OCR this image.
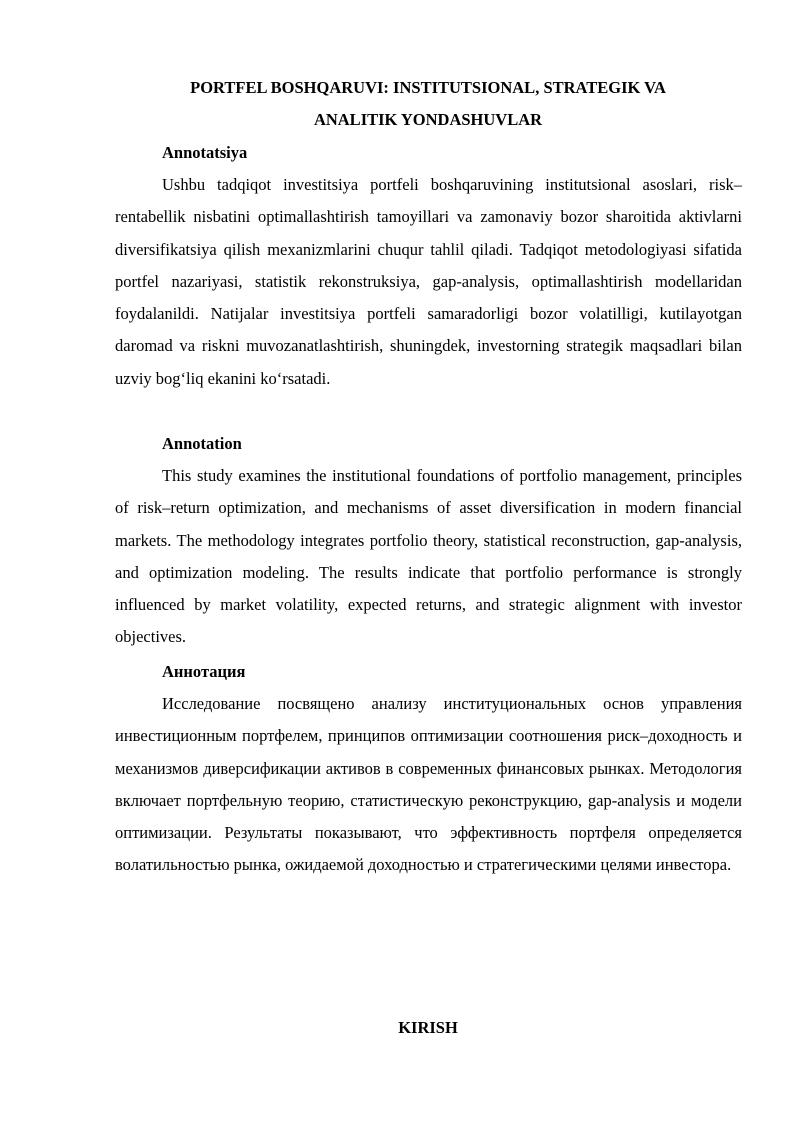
PORTFEL BOSHQARUVI: INSTITUTSIONAL, STRATEGIK VA
ANALITIK YONDASHUVLAR

Annotatsiya

Ushbu tadqiqot investitsiya portfeli boshqaruvining institutsional asoslari, risk–rentabellik nisbatini optimallashtirish tamoyillari va zamonaviy bozor sharoitida aktivlarni diversifikatsiya qilish mexanizmlarini chuqur tahlil qiladi. Tadqiqot metodologiyasi sifatida portfel nazariyasi, statistik rekonstruksiya, gap-analysis, optimallashtirish modellaridan foydalanildi. Natijalar investitsiya portfeli samaradorligi bozor volatilligi, kutilayotgan daromad va riskni muvozanatlashtirish, shuningdek, investorning strategik maqsadlari bilan uzviy bog‘liq ekanini ko‘rsatadi.

Annotation

This study examines the institutional foundations of portfolio management, principles of risk–return optimization, and mechanisms of asset diversification in modern financial markets. The methodology integrates portfolio theory, statistical reconstruction, gap-analysis, and optimization modeling. The results indicate that portfolio performance is strongly influenced by market volatility, expected returns, and strategic alignment with investor objectives.

Аннотация

Исследование посвящено анализу институциональных основ управления инвестиционным портфелем, принципов оптимизации соотношения риск–доходность и механизмов диверсификации активов в современных финансовых рынках. Методология включает портфельную теорию, статистическую реконструкцию, gap-analysis и модели оптимизации. Результаты показывают, что эффективность портфеля определяется волатильностью рынка, ожидаемой доходностью и стратегическими целями инвестора.

KIRISH
